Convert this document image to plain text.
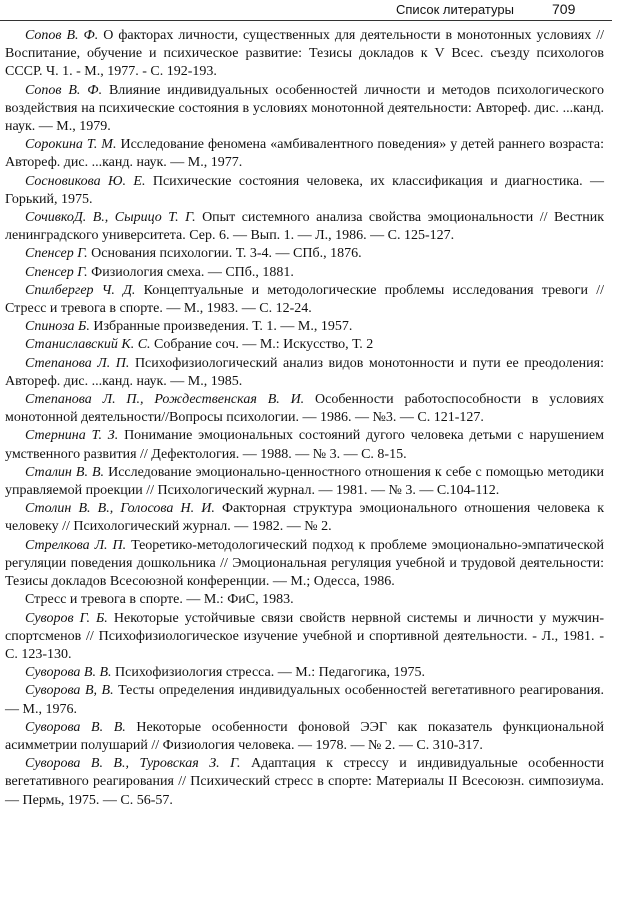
Список литературы	709

Сопов В. Ф. О факторах личности, существенных для деятельности в монотонных условиях //Воспитание, обучение и психическое развитие: Тезисы докладов к V Всес. съезду психологов СССР. Ч. 1. - М., 1977. - С. 192-193.

Сопов В. Ф. Влияние индивидуальных особенностей личности и методов психологического воздействия на психические состояния в условиях монотонной деятельности: Автореф. дис. ...канд. наук. — М., 1979.

Сорокина Т. М. Исследование феномена «амбивалентного поведения» у детей раннего возраста: Автореф. дис. ...канд. наук. — М., 1977.

Сосновикова Ю. Е. Психические состояния человека, их классификация и диагностика. — Горький, 1975.

СочивкоД. В., Сырицо Т. Г. Опыт системного анализа свойства эмоциональности // Вестник ленинградского университета. Сер. 6. — Вып. 1. — Л., 1986. — С. 125-127.

Спенсер Г. Основания психологии. Т. 3-4. — СПб., 1876.

Спенсер Г. Физиология смеха. — СПб., 1881.

Спилбергер Ч. Д. Концептуальные и методологические проблемы исследования тревоги // Стресс и тревога в спорте. — М., 1983. — С. 12-24.

Спиноза Б. Избранные произведения. Т. 1. — М., 1957.

Станиславский К. С. Собрание соч. — М.: Искусство, Т. 2

Степанова Л. П. Психофизиологический анализ видов монотонности и пути ее преодоления: Автореф. дис. ...канд. наук. — М., 1985.

Степанова Л. П., Рождественская В. И. Особенности работоспособности в условиях монотонной деятельности//Вопросы психологии. — 1986. — №3. — С. 121-127.

Стернина Т. З. Понимание эмоциональных состояний дугого человека детьми с нарушением умственного развития // Дефектология. — 1988. — № 3. — С. 8-15.

Сталин В. В. Исследование эмоционально-ценностного отношения к себе с помощью методики управляемой проекции // Психологический журнал. — 1981. — № 3. — С.104-112.

Столин В. В., Голосова Н. И. Факторная структура эмоционального отношения человека к человеку // Психологический журнал. — 1982. — № 2.

Стрелкова Л. П. Теоретико-методологический подход к проблеме эмоционально-эмпатической регуляции поведения дошкольника // Эмоциональная регуляция учебной и трудовой деятельности: Тезисы докладов Всесоюзной конференции. — М.; Одесса, 1986.

Стресс и тревога в спорте. — М.: ФиС, 1983.

Суворов Г. Б. Некоторые устойчивые связи свойств нервной системы и личности у мужчин-спортсменов // Психофизиологическое изучение учебной и спортивной деятельности. - Л., 1981. - С. 123-130.

Суворова В. В. Психофизиология стресса. — М.: Педагогика, 1975.

Суворова В, В. Тесты определения индивидуальных особенностей вегетативного реагирования. — М., 1976.

Суворова В. В. Некоторые особенности фоновой ЭЭГ как показатель функциональной асимметрии полушарий // Физиология человека. — 1978. — № 2. — С. 310-317.

Суворова В. В., Туровская З. Г. Адаптация к стрессу и индивидуальные особенности вегетативного реагирования // Психический стресс в спорте: Материалы II Всесоюзн. симпозиума. — Пермь, 1975. — С. 56-57.
